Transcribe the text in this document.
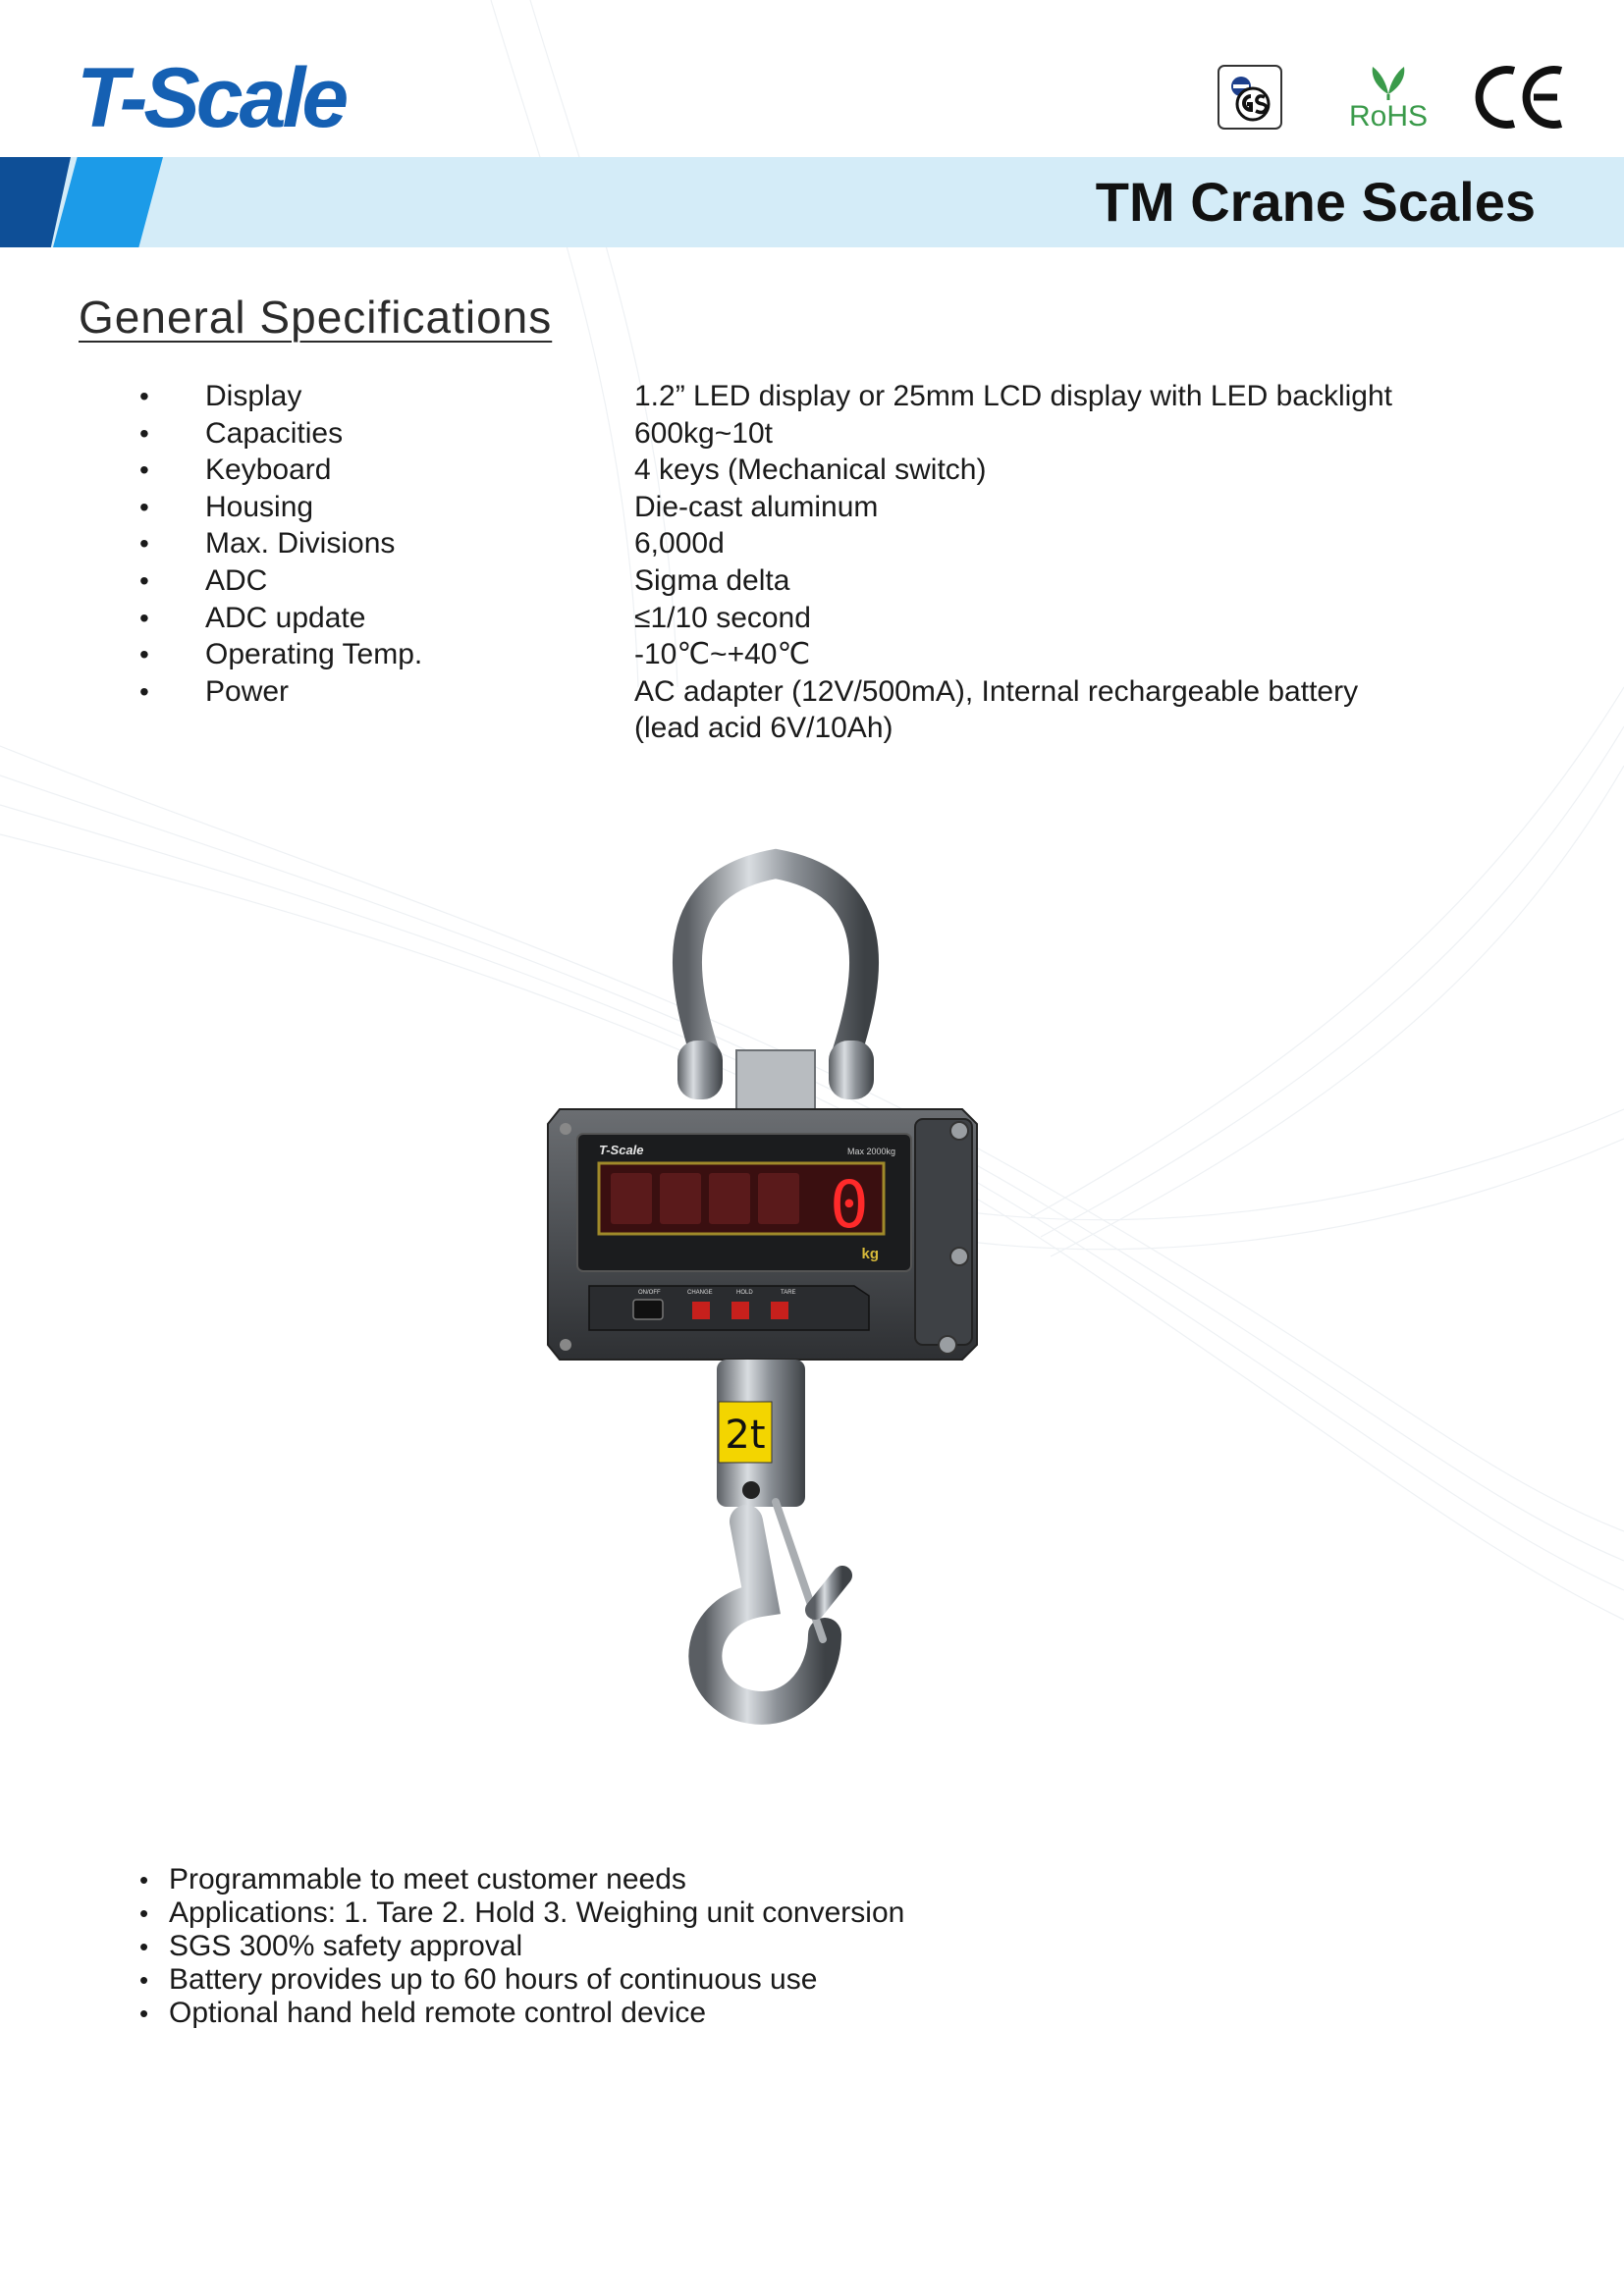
T-Scale	RoHS
TM Crane Scales
General Specifications
• Display	1.2” LED display or 25mm LCD display with LED backlight
• Capacities	600kg~10t
• Keyboard	4 keys (Mechanical switch)
• Housing	Die-cast aluminum
• Max. Divisions	6,000d
• ADC	Sigma delta
• ADC update	≤1/10 second
• Operating Temp.	-10℃~+40℃
• Power	AC adapter (12V/500mA), Internal rechargeable battery
(lead acid 6V/10Ah)
T-Scale	Max 2000kg
0
kg
ON/OFF	CHANGE	HOLD	TARE
2t
• Programmable to meet customer needs
• Applications: 1. Tare 2. Hold 3. Weighing unit conversion
• SGS 300% safety approval
• Battery provides up to 60 hours of continuous use
• Optional hand held remote control device
